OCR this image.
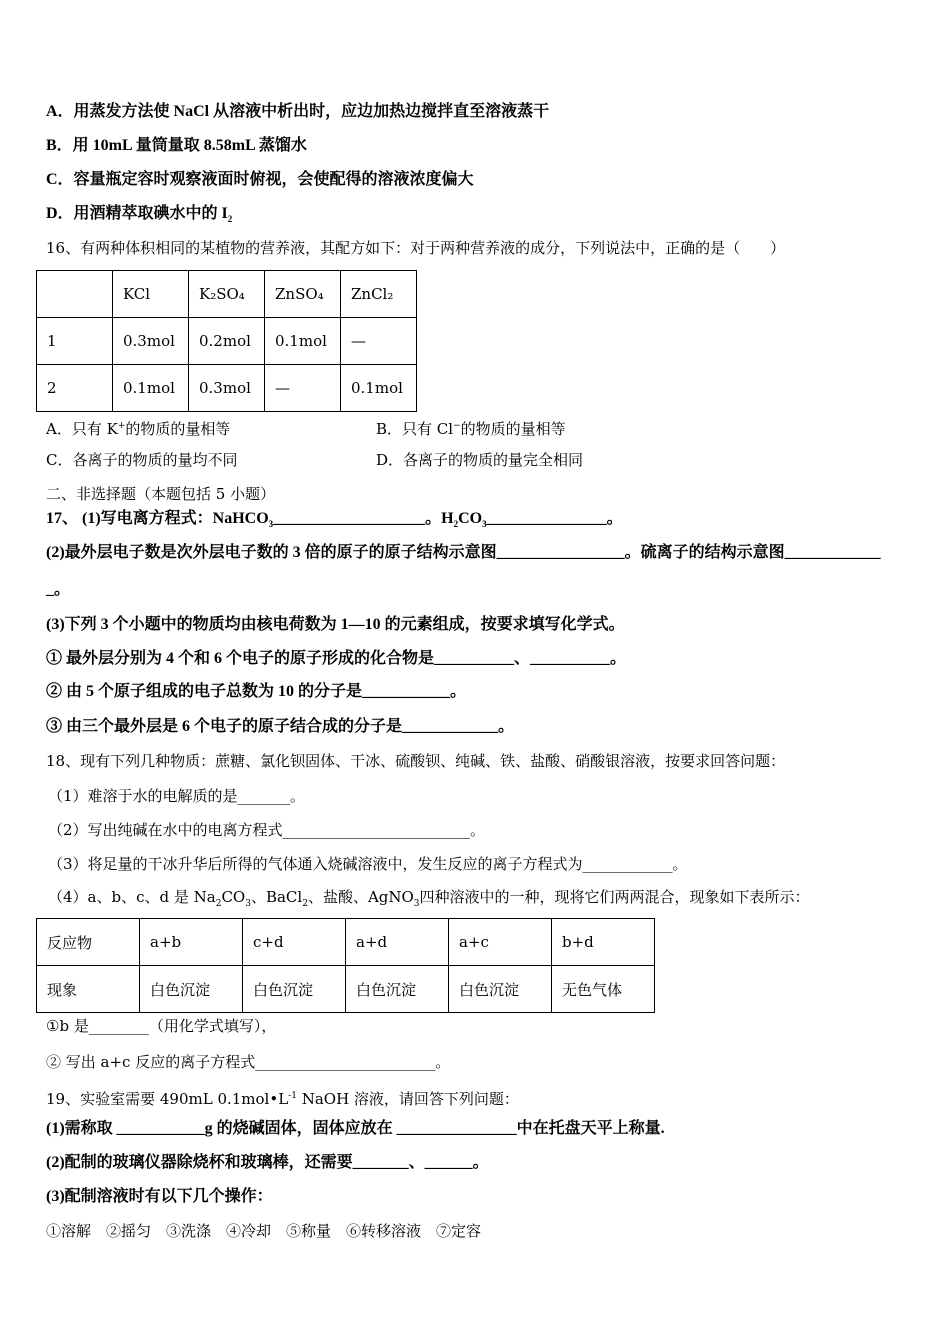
A．用蒸发方法使 NaCl 从溶液中析出时，应边加热边搅拌直至溶液蒸干
B．用 10mL 量筒量取 8.58mL 蒸馏水
C．容量瓶定容时观察液面时俯视，会使配得的溶液浓度偏大
D．用酒精萃取碘水中的 $I_2$
16、有两种体积相同的某植物的营养液，其配方如下：对于两种营养液的成分，下列说法中，正确的是（　　）
A．只有 K+的物质的量相等	B．只有 Cl−的物质的量相等
C．各离子的物质的量均不同	D．各离子的物质的量完全相同
二、非选择题（本题包括 5 小题）
17、 (1)写电离方程式：NaHCO$_3$___________________。$H_2CO_3\_\_\_\_\_\_\_\_\_\_\_\_\_\_\_$。
(2)最外层电子数是次外层电子数的 3 倍的原子的原子结构示意图________________。硫离子的结构示意图____________
_。
(3)下列 3 个小题中的物质均由核电荷数为 1—10 的元素组成，按要求填写化学式。
① 最外层分别为 4 个和 6 个电子的原子形成的化合物是__________、__________。
② 由 5 个原子组成的电子总数为 10 的分子是___________。
③ 由三个最外层是 6 个电子的原子结合成的分子是____________。
18、现有下列几种物质：蔗糖、氯化钡固体、干冰、硫酸钡、纯碱、铁、盐酸、硝酸银溶液，按要求回答问题：
（1）难溶于水的电解质的是_______。
（2）写出纯碱在水中的电离方程式_________________________。
（3）将足量的干冰升华后所得的气体通入烧碱溶液中，发生反应的离子方程式为____________。
（4）a、b、c、d 是 $Na_2CO_3$、BaCl$_2$、盐酸、AgNO$_3$四种溶液中的一种，现将它们两两混合，现象如下表所示：
①b 是________（用化学式填写），
② 写出 a+c 反应的离子方程式________________________。
19、实验室需要 490mL $0.1mol•L^{-1}$ NaOH 溶液，请回答下列问题：
(1)需称取 ___________g 的烧碱固体，固体应放在 _______________中在托盘天平上称量.
(2)配制的玻璃仪器除烧杯和玻璃棒，还需要_______、______。
(3)配制溶液时有以下几个操作：
①溶解　②摇匀　③洗涤　④冷却　⑤称量　⑥转移溶液　⑦定容
	KCl	K₂SO₄	ZnSO₄	ZnCl₂
1	0.3mol	0.2mol	0.1mol	—
2	0.1mol	0.3mol	—	0.1mol
反应物	a+b	c+d	a+d	a+c	b+d
现象	白色沉淀	白色沉淀	白色沉淀	白色沉淀	无色气体
